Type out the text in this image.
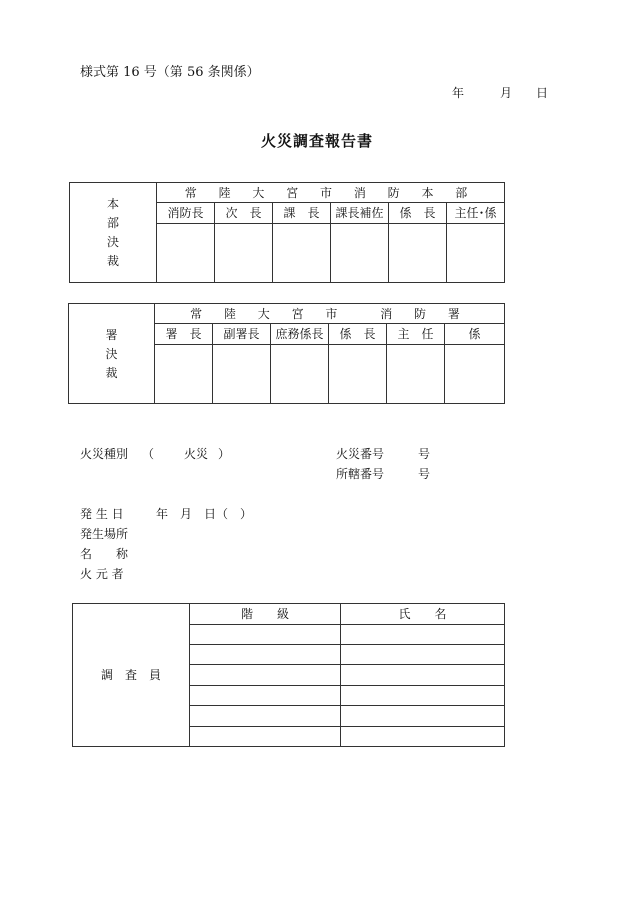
様式第 16 号（第 56 条関係）
年	月 日
火災調査報告書
本
部
決
裁	常 陸 大 宮 市 消 防 本 部					
	消防長	次　長	課　長	課長補佐	係　長	主任･係

署
決
裁	常 陸 大 宮 市　 消 防 署					
	署　長	副署長	庶務係長	係　長	主　任	係

火災種別 （ 火災 ）	火災番号	号
所轄番号	号
発 生 日	年　月　日（　）
発生場所
名　　称
火 元 者
調　査　員	階　　級	氏　　名
